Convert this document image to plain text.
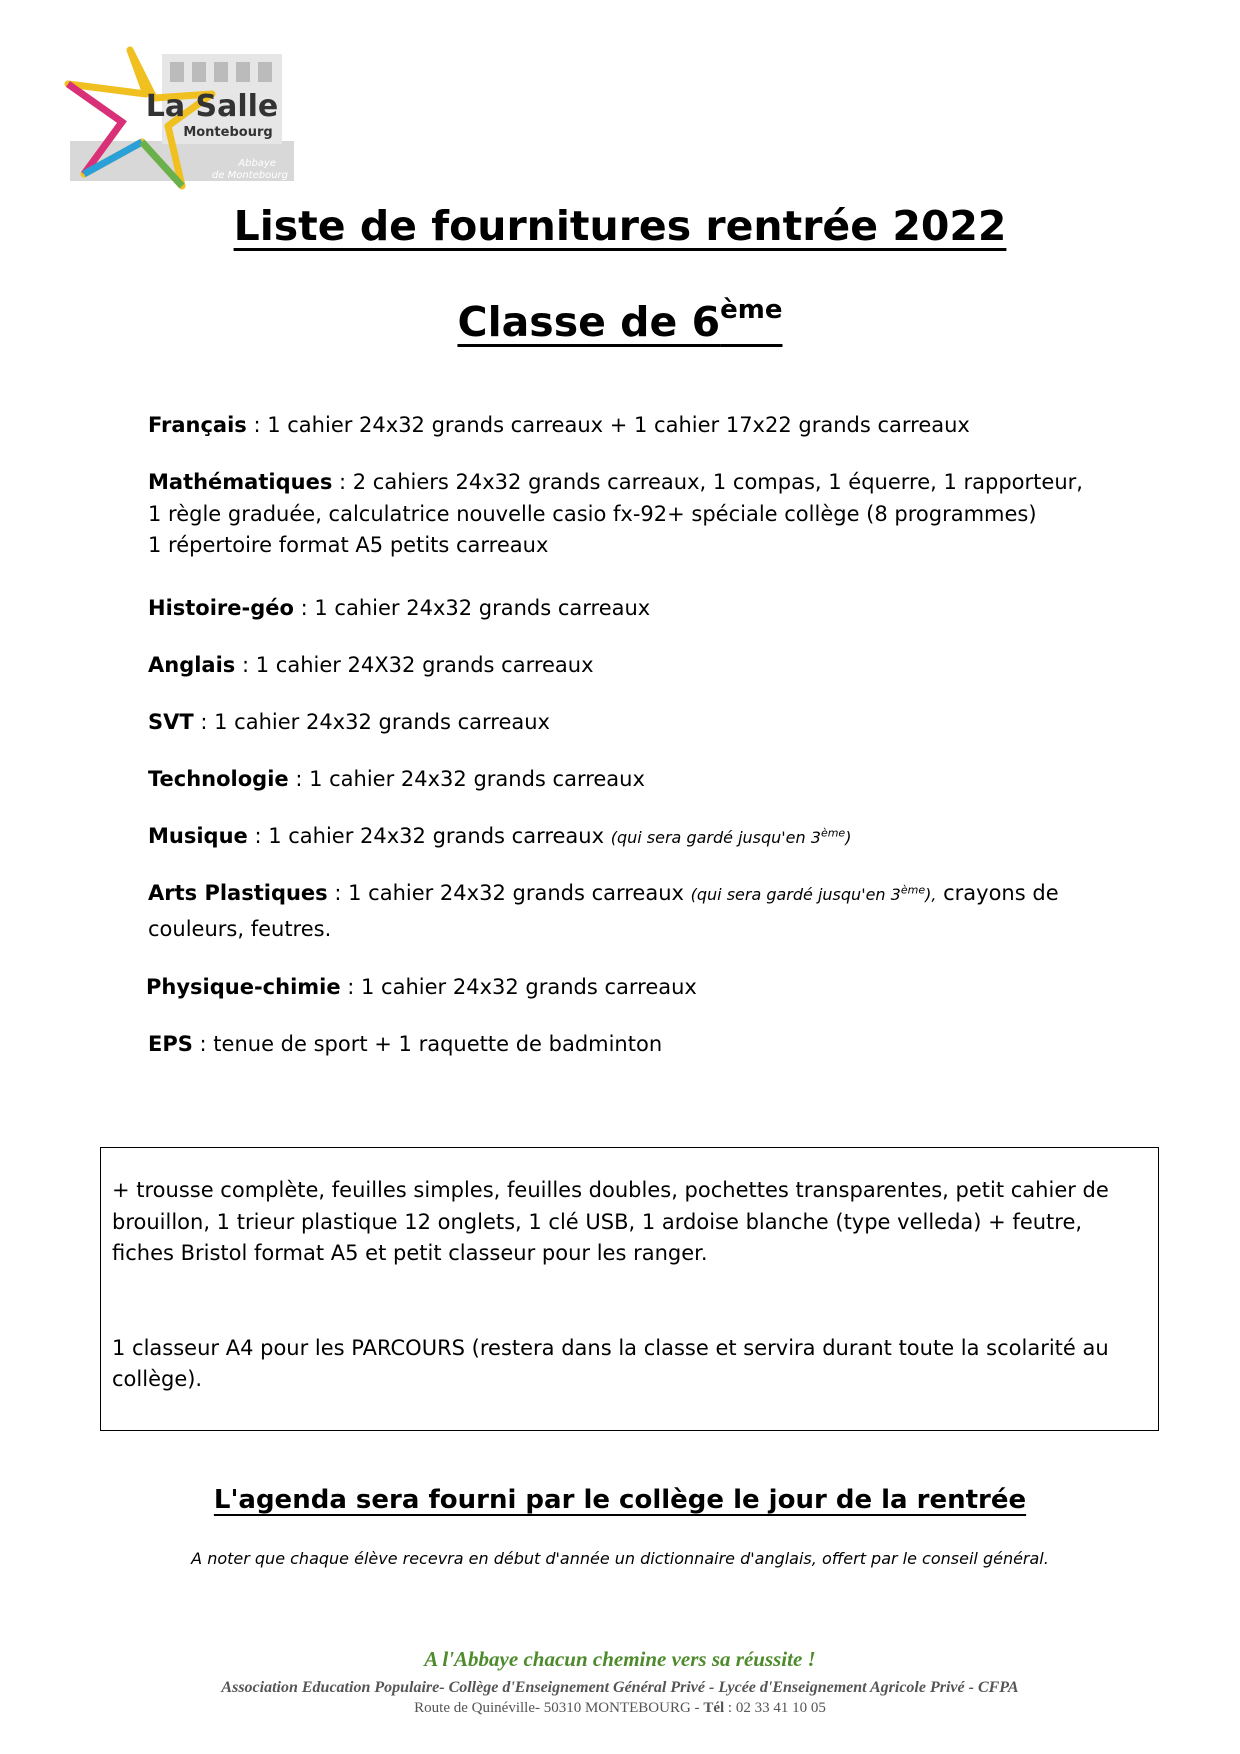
La Salle
Montebourg
Abbaye
de Montebourg
Liste de fournitures rentrée 2022
Classe de 6ème
Français : 1 cahier 24x32 grands carreaux + 1 cahier 17x22 grands carreaux
Mathématiques : 2 cahiers 24x32 grands carreaux, 1 compas, 1 équerre, 1 rapporteur,
1 règle graduée, calculatrice nouvelle casio fx-92+ spéciale collège (8 programmes)
1 répertoire format A5 petits carreaux
Histoire-géo : 1 cahier 24x32 grands carreaux
Anglais : 1 cahier 24X32 grands carreaux
SVT : 1 cahier 24x32 grands carreaux
Technologie : 1 cahier 24x32 grands carreaux
Musique : 1 cahier 24x32 grands carreaux (qui sera gardé jusqu'en 3ème)
Arts Plastiques : 1 cahier 24x32 grands carreaux (qui sera gardé jusqu'en 3ème), crayons de
couleurs, feutres.
Physique-chimie : 1 cahier 24x32 grands carreaux
EPS : tenue de sport + 1 raquette de badminton
+ trousse complète, feuilles simples, feuilles doubles, pochettes transparentes, petit cahier de
brouillon, 1 trieur plastique 12 onglets, 1 clé USB, 1 ardoise blanche (type velleda) + feutre,
fiches Bristol format A5 et petit classeur pour les ranger.
1 classeur A4 pour les PARCOURS (restera dans la classe et servira durant toute la scolarité au
collège).
L'agenda sera fourni par le collège le jour de la rentrée
A noter que chaque élève recevra en début d'année un dictionnaire d'anglais, offert par le conseil général.
A l'Abbaye chacun chemine vers sa réussite !
Association Education Populaire- Collège d'Enseignement Général Privé - Lycée d'Enseignement Agricole Privé - CFPA
Route de Quinéville- 50310 MONTEBOURG - Tél : 02 33 41 10 05
